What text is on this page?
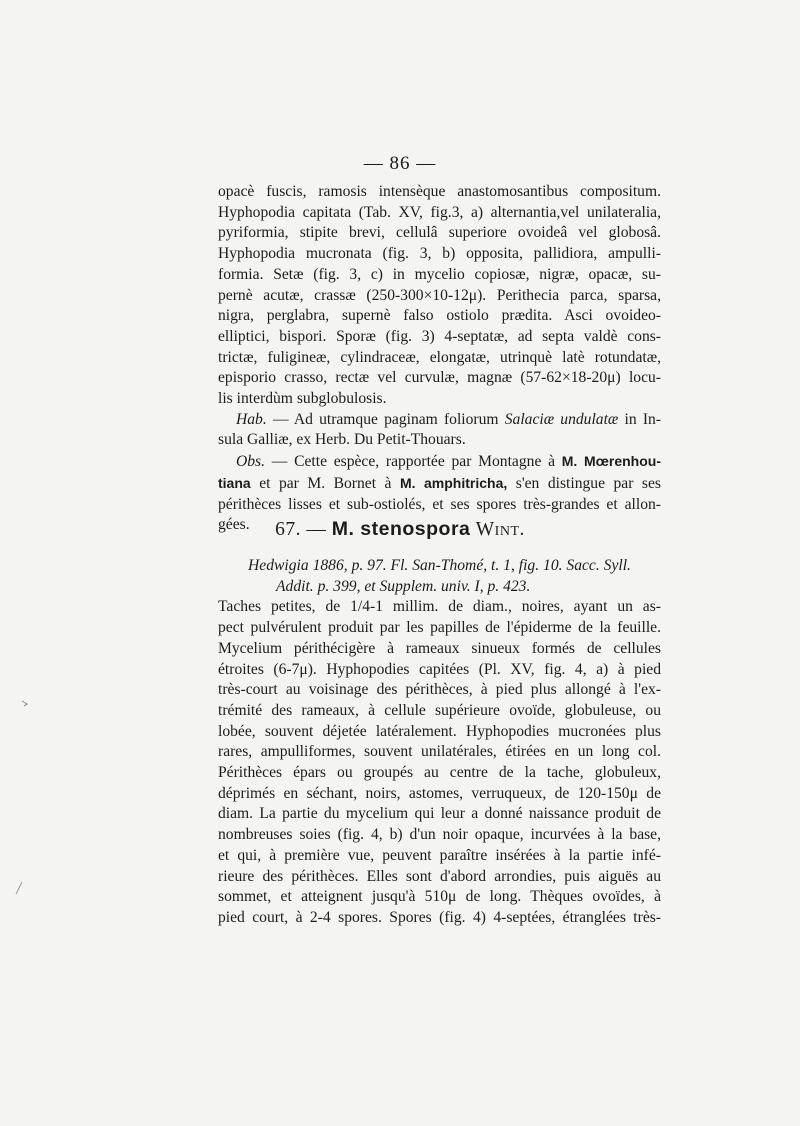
— 86 —
opacè fuscis, ramosis intensèque anastomosantibus compositum.
Hyphopodia capitata (Tab. XV, fig.3, a) alternantia,vel unilateralia,
pyriformia, stipite brevi, cellulâ superiore ovoideâ vel globosâ.
Hyphopodia mucronata (fig. 3, b) opposita, pallidiora, ampulli-
formia. Setæ (fig. 3, c) in mycelio copiosæ, nigræ, opacæ, su-
pernè acutæ, crassæ (250-300×10-12μ). Perithecia parca, sparsa,
nigra, perglabra, supernè falso ostiolo prædita. Asci ovoideo-
elliptici, bispori. Sporæ (fig. 3) 4-septatæ, ad septa valdè cons-
trictæ, fuligineæ, cylindraceæ, elongatæ, utrinquè latè rotundatæ,
episporio crasso, rectæ vel curvulæ, magnæ (57-62×18-20μ) locu-
lis interdùm subglobulosis.
Hab. — Ad utramque paginam foliorum Salaciæ undulatæ in In-
sula Galliæ, ex Herb. Du Petit-Thouars.
Obs. — Cette espèce, rapportée par Montagne à M. Mœrenhou-
tiana et par M. Bornet à M. amphitricha, s'en distingue par ses
périthèces lisses et sub-ostiolés, et ses spores très-grandes et allon-
gées.	67. — M. stenospora Wint.
Hedwigia 1886, p. 97. Fl. San-Thomé, t. 1, fig. 10. Sacc. Syll.
Addit. p. 399, et Supplem. univ. I, p. 423.
Taches petites, de 1/4-1 millim. de diam., noires, ayant un as-
pect pulvérulent produit par les papilles de l'épiderme de la feuille.
Mycelium périthécigère à rameaux sinueux formés de cellules
étroites (6-7μ). Hyphopodies capitées (Pl. XV, fig. 4, a) à pied
très-court au voisinage des périthèces, à pied plus allongé à l'ex-
trémité des rameaux, à cellule supérieure ovoïde, globuleuse, ou
lobée, souvent déjetée latéralement. Hyphopodies mucronées plus
rares, ampulliformes, souvent unilatérales, étirées en un long col.
Périthèces épars ou groupés au centre de la tache, globuleux,
déprimés en séchant, noirs, astomes, verruqueux, de 120-150μ de
diam. La partie du mycelium qui leur a donné naissance produit de
nombreuses soies (fig. 4, b) d'un noir opaque, incurvées à la base,
et qui, à première vue, peuvent paraître insérées à la partie infé-
rieure des périthèces. Elles sont d'abord arrondies, puis aiguës au
sommet, et atteignent jusqu'à 510μ de long. Thèques ovoïdes, à
pied court, à 2-4 spores. Spores (fig. 4) 4-septées, étranglées très-
